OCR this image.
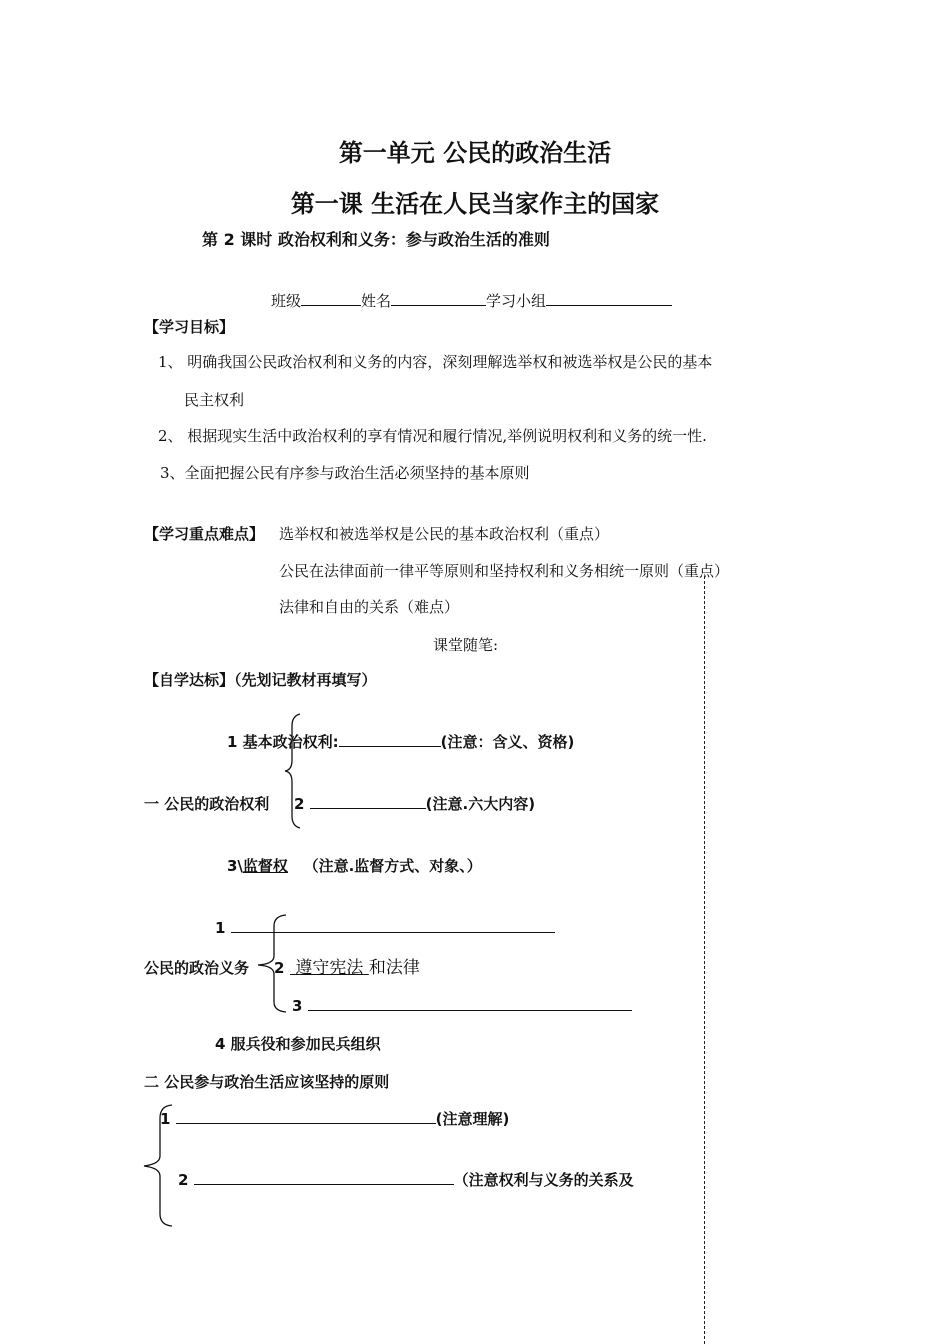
第一单元 公民的政治生活
第一课 生活在人民当家作主的国家
第 2 课时 政治权利和义务：参与政治生活的准则
班级	姓名	学习小组
【学习目标】
1、 明确我国公民政治权利和义务的内容，深刻理解选举权和被选举权是公民的基本
民主权利
2、 根据现实生活中政治权利的享有情况和履行情况,举例说明权利和义务的统一性.
3、全面把握公民有序参与政治生活必须坚持的基本原则
【学习重点难点】 选举权和被选举权是公民的基本政治权利（重点）
公民在法律面前一律平等原则和坚持权利和义务相统一原则（重点）
法律和自由的关系（难点）
课堂随笔:
【自学达标】（先划记教材再填写）
1 基本政治权利:	(注意：含义、资格)
一 公民的政治权利 2	(注意.六大内容)
3\监督权 （注意.监督方式、对象、）
1
公民的政治义务 2 遵守宪法 和法律
3
4 服兵役和参加民兵组织
二 公民参与政治生活应该坚持的原则
1	(注意理解)
2	（注意权利与义务的关系及
